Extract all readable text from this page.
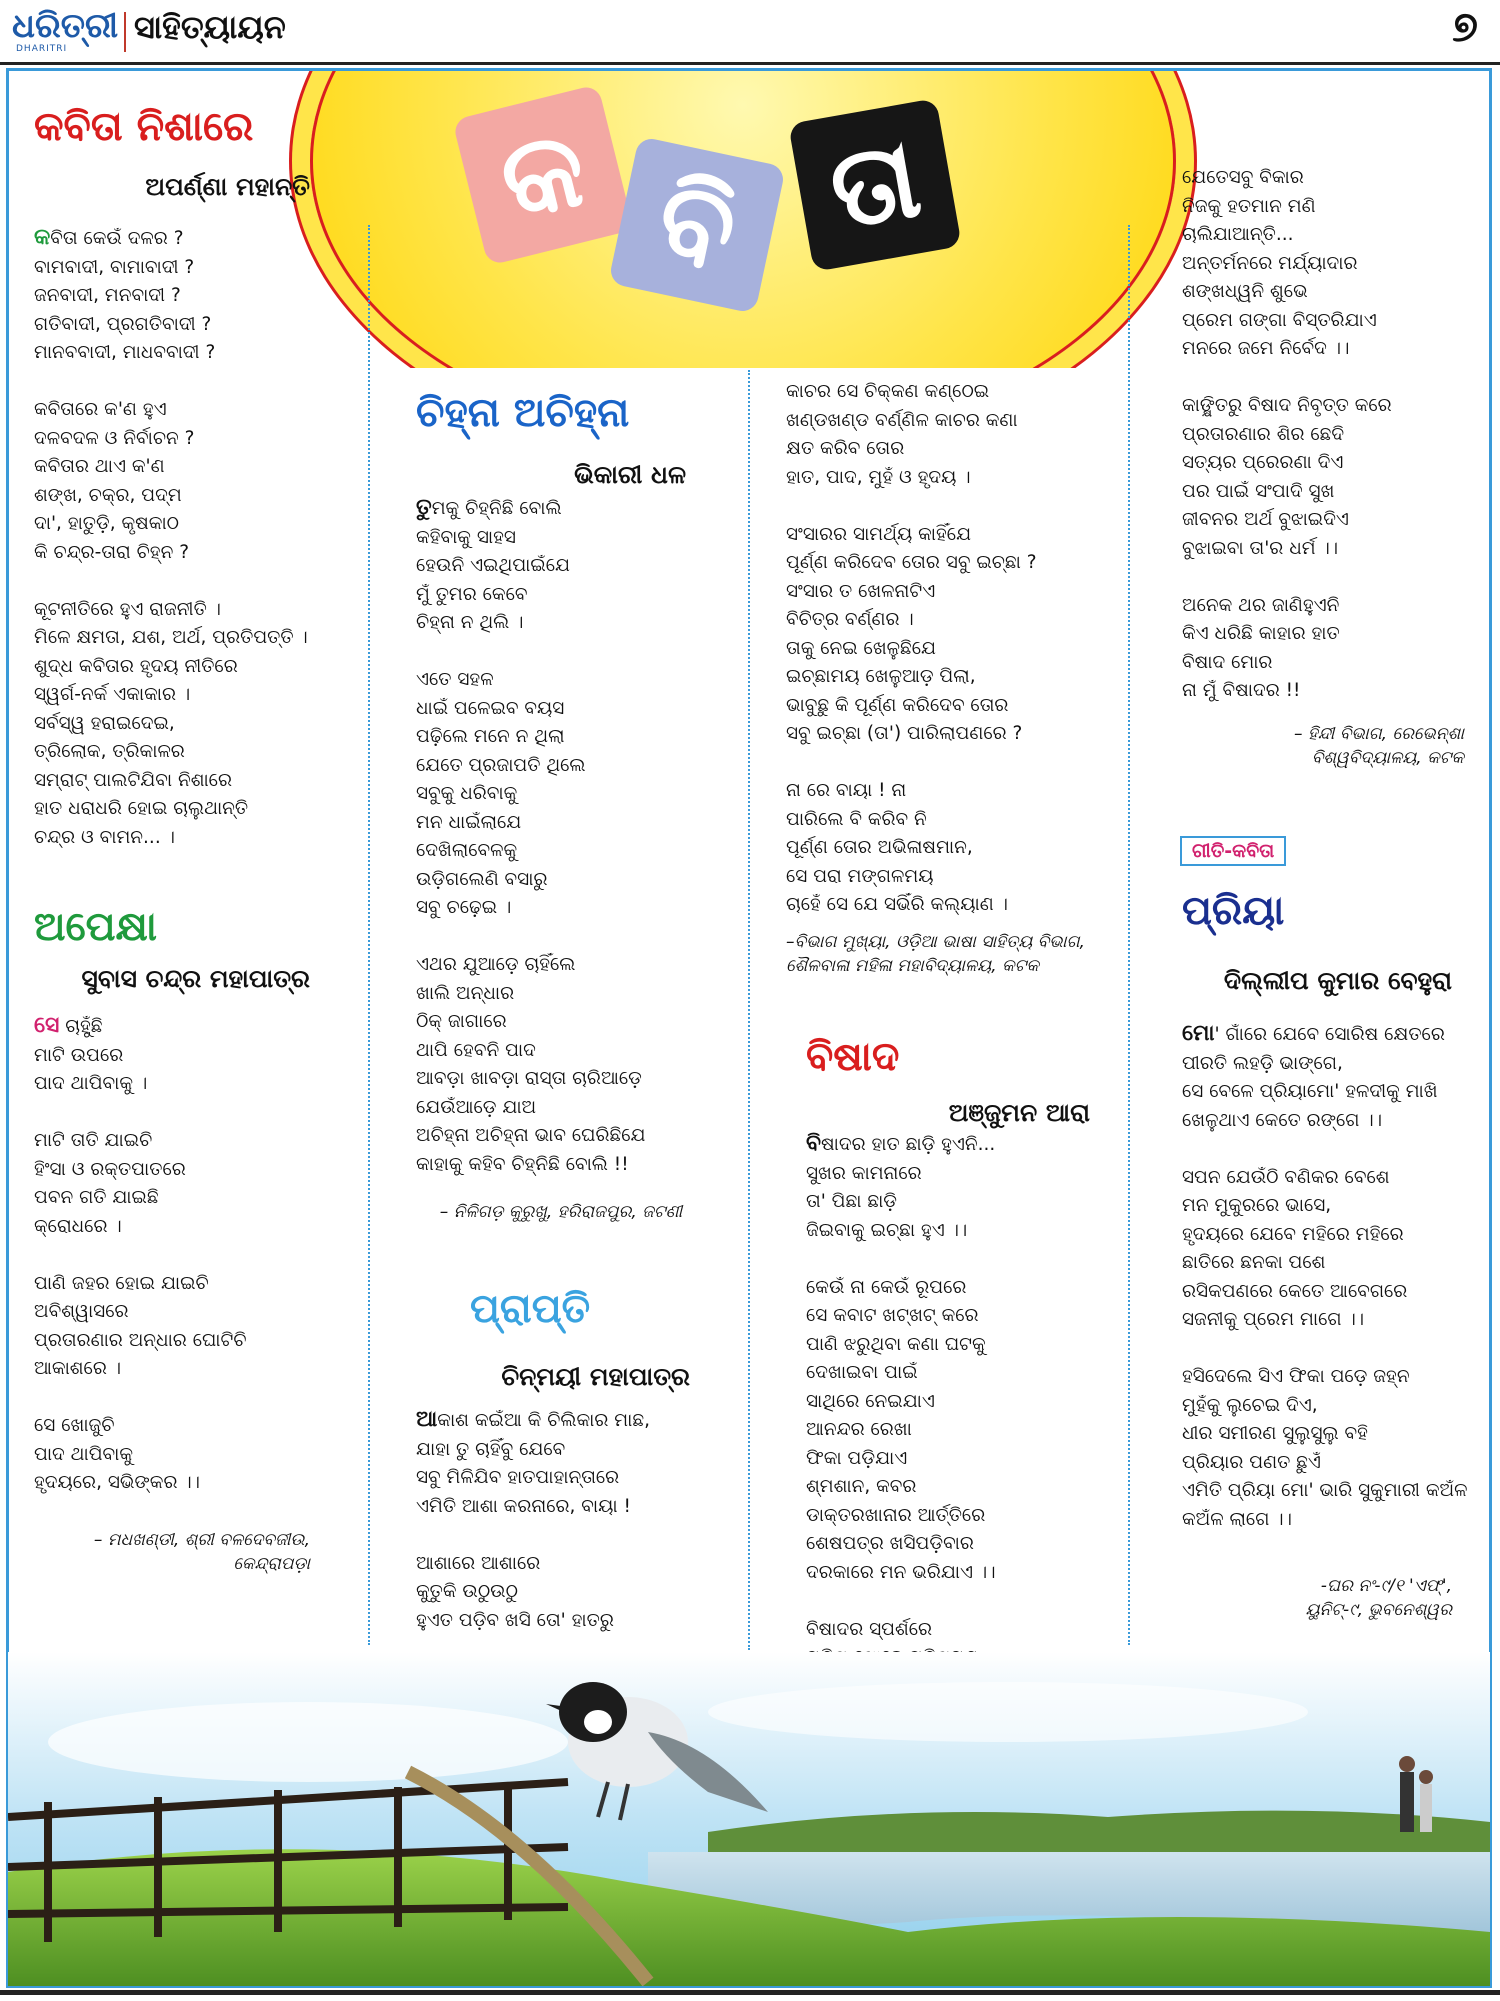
ଧରିତ୍ରୀ
DHARITRI
ସାହିତ୍ୟାୟନ	୭
କ ବି ତା
କବିତା ନିଶାରେ
ଅପର୍ଣ୍ଣା ମହାନ୍ତି
କବିତା କେଉଁ ଦଳର ?
ବାମବାଦୀ, ବାମାବାଦୀ ?
ଜନବାଦୀ, ମନବାଦୀ ?
ଗତିବାଦୀ, ପ୍ରଗତିବାଦୀ ?
ମାନବବାଦୀ, ମାଧବବାଦୀ ?
କବିତାରେ କ'ଣ ହୁଏ
ଦଳବଦଳ ଓ ନିର୍ବାଚନ ?
କବିତାର ଥାଏ କ'ଣ
ଶଙ୍ଖ, ଚକ୍ର, ପଦ୍ମ
ଦା', ହାତୁଡ଼ି, କୃଷକାଠ
କି ଚନ୍ଦ୍ର-ତାରା ଚିହ୍ନ ?
କୂଟନୀତିରେ ହୁଏ ରାଜନୀତି ।
ମିଳେ କ୍ଷମତା, ଯଶ, ଅର୍ଥ, ପ୍ରତିପତ୍ତି ।
ଶୁଦ୍ଧ କବିତାର ହୃଦୟ ନୀତିରେ
ସ୍ୱର୍ଗ-ନର୍କ ଏକାକାର ।
ସର୍ବସ୍ୱ ହରାଇଦେଇ,
ତ୍ରିଲୋକ, ତ୍ରିକାଳର
ସମ୍ରାଟ୍ ପାଲଟିଯିବା ନିଶାରେ
ହାତ ଧରାଧରି ହୋଇ ଚାଲୁଥାନ୍ତି
ଚନ୍ଦ୍ର ଓ ବାମନ... ।
ଅପେକ୍ଷା
ସୁବାସ ଚନ୍ଦ୍ର ମହାପାତ୍ର
ସେ ଚାହୁଁଛି
ମାଟି ଉପରେ
ପାଦ ଥାପିବାକୁ ।
ମାଟି ତାତି ଯାଇଚି
ହିଂସା ଓ ରକ୍ତପାତରେ
ପବନ ଗତି ଯାଇଛି
କ୍ରୋଧରେ ।
ପାଣି ଜହର ହୋଇ ଯାଇଚି
ଅବିଶ୍ୱାସରେ
ପ୍ରତାରଣାର ଅନ୍ଧାର ଘୋଟିଚି
ଆକାଶରେ ।
ସେ ଖୋଜୁଚି
ପାଦ ଥାପିବାକୁ
ହୃଦୟରେ, ସଭିଙ୍କର ।।
– ମଧଖଣ୍ଡୀ, ଶ୍ରୀ ବଳଦେବଜୀଉ,
କେନ୍ଦ୍ରାପଡ଼ା
ଚିହ୍ନା ଅଚିହ୍ନା
ଭିକାରୀ ଧଳ
ତୁମକୁ ଚିହ୍ନିଛି ବୋଲି
କହିବାକୁ ସାହସ
ହେଉନି ଏଇଥିପାଇଁଯେ
ମୁଁ ତୁମର କେବେ
ଚିହ୍ନା ନ ଥିଲି ।
ଏତେ ସହଳ
ଧାଇଁ ପଳେଇବ ବୟସ
ପଢ଼ିଲେ ମନେ ନ ଥିଲା
ଯେତେ ପ୍ରଜାପତି ଥିଲେ
ସବୁକୁ ଧରିବାକୁ
ମନ ଧାଇଁଲାଯେ
ଦେଖିଲାବେଳକୁ
ଉଡ଼ିଗଲେଣି ବସାରୁ
ସବୁ ଚଢ଼େଇ ।
ଏଥର ଯୁଆଡ଼େ ଚାହିଁଲେ
ଖାଲି ଅନ୍ଧାର
ଠିକ୍ ଜାଗାରେ
ଥାପି ହେବନି ପାଦ
ଆବଡ଼ା ଖାବଡ଼ା ରାସ୍ତା ଚାରିଆଡ଼େ
ଯେଉଁଆଡ଼େ ଯାଅ
ଅଚିହ୍ନା ଅଚିହ୍ନା ଭାବ ଘେରିଛିଯେ
କାହାକୁ କହିବ ଚିହ୍ନିଛି ବୋଲି !!
– ନିଳିଗଡ଼ କୁରୁଖୁ, ହରିରାଜପୁର, ଜଟଣୀ
ପ୍ରାପ୍ତି
ଚିନ୍ମୟୀ ମହାପାତ୍ର
ଆକାଶ କଇଁଆ କି ଚିଲିକାର ମାଛ,
ଯାହା ତୁ ଚାହିଁବୁ ଯେବେ
ସବୁ ମିଳିଯିବ ହାତପାହାନ୍ତାରେ
ଏମିତି ଆଶା କରନାରେ, ବାୟା !
ଆଶାରେ ଆଶାରେ
କୁତୁକି ଉଠୁଉଠୁ
ହୁଏତ ପଡ଼ିବ ଖସି ତୋ' ହାତରୁ
କାଚର ସେ ଚିକ୍କଣ କଣ୍ଠେଇ
ଖଣ୍ଡଖଣ୍ଡ ବର୍ଣ୍ଣିଳ କାଚର କଣା
କ୍ଷତ କରିବ ତୋର
ହାତ, ପାଦ, ମୁହଁ ଓ ହୃଦୟ ।
ସଂସାରର ସାମର୍ଥ୍ୟ କାହିଁଯେ
ପୂର୍ଣ୍ଣ କରିଦେବ ତୋର ସବୁ ଇଚ୍ଛା ?
ସଂସାର ତ ଖେଳନାଟିଏ
ବିଚିତ୍ର ବର୍ଣ୍ଣର ।
ତାକୁ ନେଇ ଖେଳୁଛିଯେ
ଇଚ୍ଛାମୟ ଖେଳୁଆଡ଼ ପିଲା,
ଭାବୁଛୁ କି ପୂର୍ଣ୍ଣ କରିଦେବ ତୋର
ସବୁ ଇଚ୍ଛା (ତା') ପାରିଲାପଣରେ ?
ନା ରେ ବାୟା ! ନା
ପାରିଲେ ବି କରିବ ନି
ପୂର୍ଣ୍ଣ ତୋର ଅଭିଳାଷମାନ,
ସେ ପରା ମଙ୍ଗଳମୟ
ଚାହେଁ ସେ ଯେ ସଭିଁରି କଲ୍ୟାଣ ।
–ବିଭାଗ ମୁଖ୍ୟା, ଓଡ଼ିଆ ଭାଷା ସାହିତ୍ୟ ବିଭାଗ,
ଶୈଳବାଳା ମହିଳା ମହାବିଦ୍ୟାଳୟ, କଟକ
ବିଷାଦ
ଅଞ୍ଜୁମନ ଆରା
ବିଷାଦର ହାତ ଛାଡ଼ି ହୁଏନି...
ସୁଖର କାମନାରେ
ତା' ପିଛା ଛାଡ଼ି
ଜିଇବାକୁ ଇଚ୍ଛା ହୁଏ ।।
କେଉଁ ନା କେଉଁ ରୂପରେ
ସେ କବାଟ ଖଟ୍‌ଖଟ୍ କରେ
ପାଣି ଝରୁଥିବା କଣା ଘଟକୁ
ଦେଖାଇବା ପାଇଁ
ସାଥିରେ ନେଇଯାଏ
ଆନନ୍ଦର ରେଖା
ଫିକା ପଡ଼ିଯାଏ
ଶ୍ମଶାନ, କବର
ଡାକ୍ତରଖାନାର ଆର୍ତ୍ତିରେ
ଶେଷପତ୍ର ଖସିପଡ଼ିବାର
ଦରକାରେ ମନ ଭରିଯାଏ ।।
ବିଷାଦର ସ୍ପର୍ଶରେ
ଯେତେସବୁ ବିକାର
ନିଜକୁ ହତମାନ ମଣି
ଚାଲିଯାଆନ୍ତି...
ଅନ୍ତର୍ମନରେ ମର୍ଯ୍ୟାଦାର
ଶଙ୍ଖଧ୍ୱନି ଶୁଭେ
ପ୍ରେମ ଗଙ୍ଗା ବିସ୍ତରିଯାଏ
ମନରେ ଜମେ ନିର୍ବେଦ ।।
କାଙ୍କ୍ଷିତରୁ ବିଷାଦ ନିବୃତ୍ତ କରେ
ପ୍ରତାରଣାର ଶିର ଛେଦି
ସତ୍ୟର ପ୍ରେରଣା ଦିଏ
ପର ପାଇଁ ସଂପାଦି ସୁଖ
ଜୀବନର ଅର୍ଥ ବୁଝାଇଦିଏ
ବୁଝାଇବା ତା'ର ଧର୍ମ ।।
ଅନେକ ଥର ଜାଣିହୁଏନି
କିଏ ଧରିଛି କାହାର ହାତ
ବିଷାଦ ମୋର
ନା ମୁଁ ବିଷାଦର !!
– ହିନ୍ଦୀ ବିଭାଗ, ରେଭେନ୍‌ଶା
ବିଶ୍ୱବିଦ୍ୟାଳୟ, କଟକ
ଗୀତି-କବିତା
ପ୍ରିୟା
ଦିଲ୍ଲୀପ କୁମାର ବେହୁରା
ମୋ' ଗାଁରେ ଯେବେ ସୋରିଷ କ୍ଷେତରେ
ପୀରତି ଲହଡ଼ି ଭାଙ୍ଗେ,
ସେ ବେଳେ ପ୍ରିୟାମୋ' ହଳଦୀକୁ ମାଖି
ଖେଳୁଥାଏ କେତେ ରଙ୍ଗେ ।।
ସପନ ଯେଉଁଠି ବଣିକର ବେଶେ
ମନ ମୁକୁରରେ ଭାସେ,
ହୃଦୟରେ ଯେବେ ମହିରେ ମହିରେ
ଛାତିରେ ଛନକା ପଶେ
ରସିକପଣରେ କେତେ ଆବେଗରେ
ସଜନୀକୁ ପ୍ରେମ ମାଗେ ।।
ହସିଦେଲେ ସିଏ ଫିକା ପଡ଼େ ଜହ୍ନ
ମୁହଁକୁ ଲୁଚେଇ ଦିଏ,
ଧୀର ସମୀରଣ ସୁଲୁସୁଲୁ ବହି
ପ୍ରିୟାର ପଣତ ଛୁଏଁ
ଏମିତି ପ୍ରିୟା ମୋ' ଭାରି ସୁକୁମାରୀ କଅଁଳ
କଅଁଳ ଲାଗେ ।।
-ଘର ନଂ-୯/୧ 'ଏଫ୍',
ୟୁନିଟ୍-୯, ଭୁବନେଶ୍ୱର
